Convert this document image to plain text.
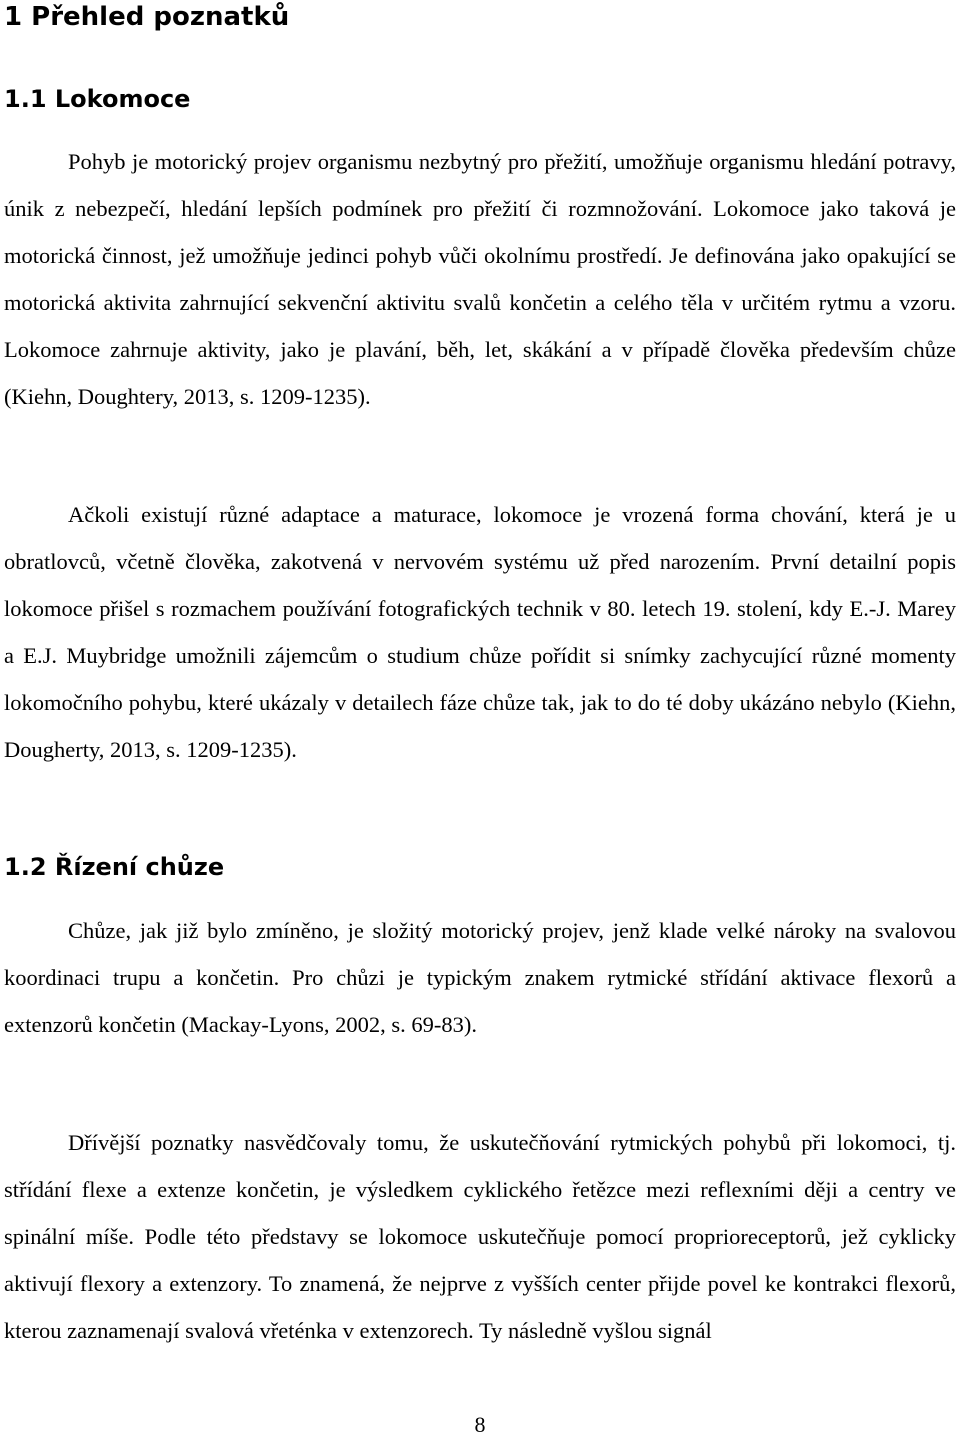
1 Přehled poznatků
1.1 Lokomoce

Pohyb je motorický projev organismu nezbytný pro přežití, umožňuje organismu hledání potravy, únik z nebezpečí, hledání lepších podmínek pro přežití či rozmnožování. Lokomoce jako taková je motorická činnost, jež umožňuje jedinci pohyb vůči okolnímu prostředí. Je definována jako opakující se motorická aktivita zahrnující sekvenční aktivitu svalů končetin a celého těla v určitém rytmu a vzoru. Lokomoce zahrnuje aktivity, jako je plavání, běh, let, skákání a v případě člověka především chůze (Kiehn, Doughtery, 2013, s. 1209-1235).

Ačkoli existují různé adaptace a maturace, lokomoce je vrozená forma chování, která je u obratlovců, včetně člověka, zakotvená v nervovém systému už před narozením. První detailní popis lokomoce přišel s rozmachem používání fotografických technik v 80. letech 19. stolení, kdy E.-J. Marey a E.J. Muybridge umožnili zájemcům o studium chůze pořídit si snímky zachycující různé momenty lokomočního pohybu, které ukázaly v detailech fáze chůze tak, jak to do té doby ukázáno nebylo (Kiehn, Dougherty, 2013, s. 1209-1235).

1.2 Řízení chůze

Chůze, jak již bylo zmíněno, je složitý motorický projev, jenž klade velké nároky na svalovou koordinaci trupu a končetin. Pro chůzi je typickým znakem rytmické střídání aktivace flexorů a extenzorů končetin (Mackay-Lyons, 2002, s. 69-83).

Dřívější poznatky nasvědčovaly tomu, že uskutečňování rytmických pohybů při lokomoci, tj. střídání flexe a extenze končetin, je výsledkem cyklického řetězce mezi reflexními ději a centry ve spinální míše. Podle této představy se lokomoce uskutečňuje pomocí proprioreceptorů, jež cyklicky aktivují flexory a extenzory. To znamená, že nejprve z vyšších center přijde povel ke kontrakci flexorů, kterou zaznamenají svalová vřeténka v extenzorech. Ty následně vyšlou signál

8
